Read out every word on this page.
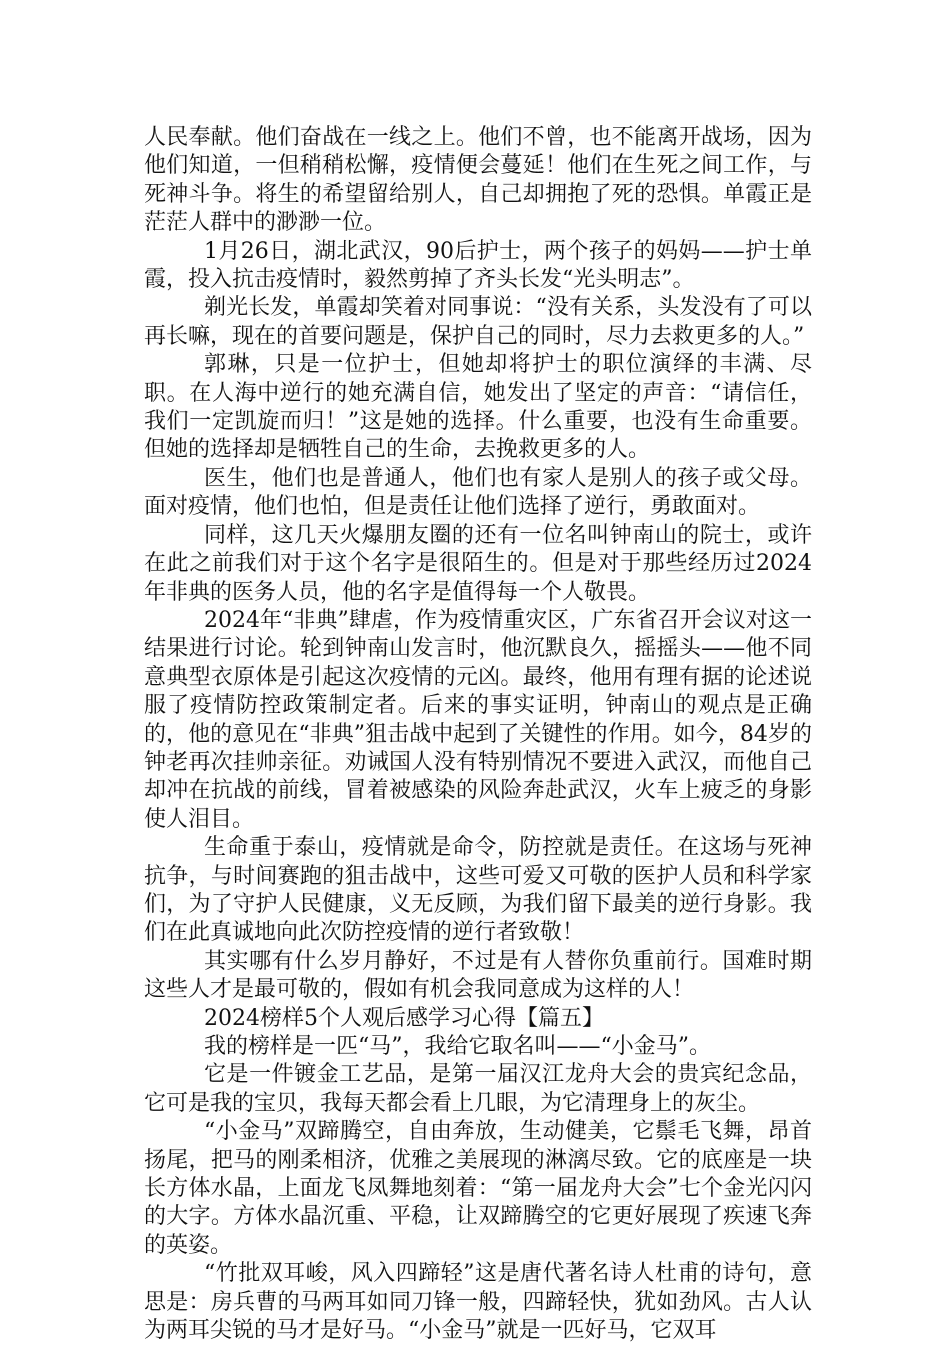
人民奉献。他们奋战在一线之上。他们不曾，也不能离开战场，因为他们知道，一但稍稍松懈，疫情便会蔓延！他们在生死之间工作，与死神斗争。将生的希望留给别人，自己却拥抱了死的恐惧。单霞正是茫茫人群中的渺渺一位。

1月26日，湖北武汉，90后护士，两个孩子的妈妈——护士单霞，投入抗击疫情时，毅然剪掉了齐头长发“光头明志”。

剃光长发，单霞却笑着对同事说：“没有关系，头发没有了可以再长嘛，现在的首要问题是，保护自己的同时，尽力去救更多的人。”

郭琳，只是一位护士，但她却将护士的职位演绎的丰满、尽职。在人海中逆行的她充满自信，她发出了坚定的声音：“请信任，我们一定凯旋而归！”这是她的选择。什么重要，也没有生命重要。但她的选择却是牺牲自己的生命，去挽救更多的人。

医生，他们也是普通人，他们也有家人是别人的孩子或父母。面对疫情，他们也怕，但是责任让他们选择了逆行，勇敢面对。

同样，这几天火爆朋友圈的还有一位名叫钟南山的院士，或许在此之前我们对于这个名字是很陌生的。但是对于那些经历过2024年非典的医务人员，他的名字是值得每一个人敬畏。

2024年“非典”肆虐，作为疫情重灾区，广东省召开会议对这一结果进行讨论。轮到钟南山发言时，他沉默良久，摇摇头——他不同意典型衣原体是引起这次疫情的元凶。最终，他用有理有据的论述说服了疫情防控政策制定者。后来的事实证明，钟南山的观点是正确的，他的意见在“非典”狙击战中起到了关键性的作用。如今，84岁的钟老再次挂帅亲征。劝诫国人没有特别情况不要进入武汉，而他自己却冲在抗战的前线，冒着被感染的风险奔赴武汉，火车上疲乏的身影使人泪目。

生命重于泰山，疫情就是命令，防控就是责任。在这场与死神抗争，与时间赛跑的狙击战中，这些可爱又可敬的医护人员和科学家们，为了守护人民健康，义无反顾，为我们留下最美的逆行身影。我们在此真诚地向此次防控疫情的逆行者致敬！

其实哪有什么岁月静好，不过是有人替你负重前行。国难时期这些人才是最可敬的，假如有机会我同意成为这样的人！

2024榜样5个人观后感学习心得【篇五】

我的榜样是一匹“马”，我给它取名叫——“小金马”。

它是一件镀金工艺品，是第一届汉江龙舟大会的贵宾纪念品，它可是我的宝贝，我每天都会看上几眼，为它清理身上的灰尘。

“小金马”双蹄腾空，自由奔放，生动健美，它鬃毛飞舞，昂首扬尾，把马的刚柔相济，优雅之美展现的淋漓尽致。它的底座是一块长方体水晶，上面龙飞凤舞地刻着：“第一届龙舟大会”七个金光闪闪的大字。方体水晶沉重、平稳，让双蹄腾空的它更好展现了疾速飞奔的英姿。

“竹批双耳峻，风入四蹄轻”这是唐代著名诗人杜甫的诗句，意思是：房兵曹的马两耳如同刀锋一般，四蹄轻快，犹如劲风。古人认为两耳尖锐的马才是好马。“小金马”就是一匹好马，它双耳
